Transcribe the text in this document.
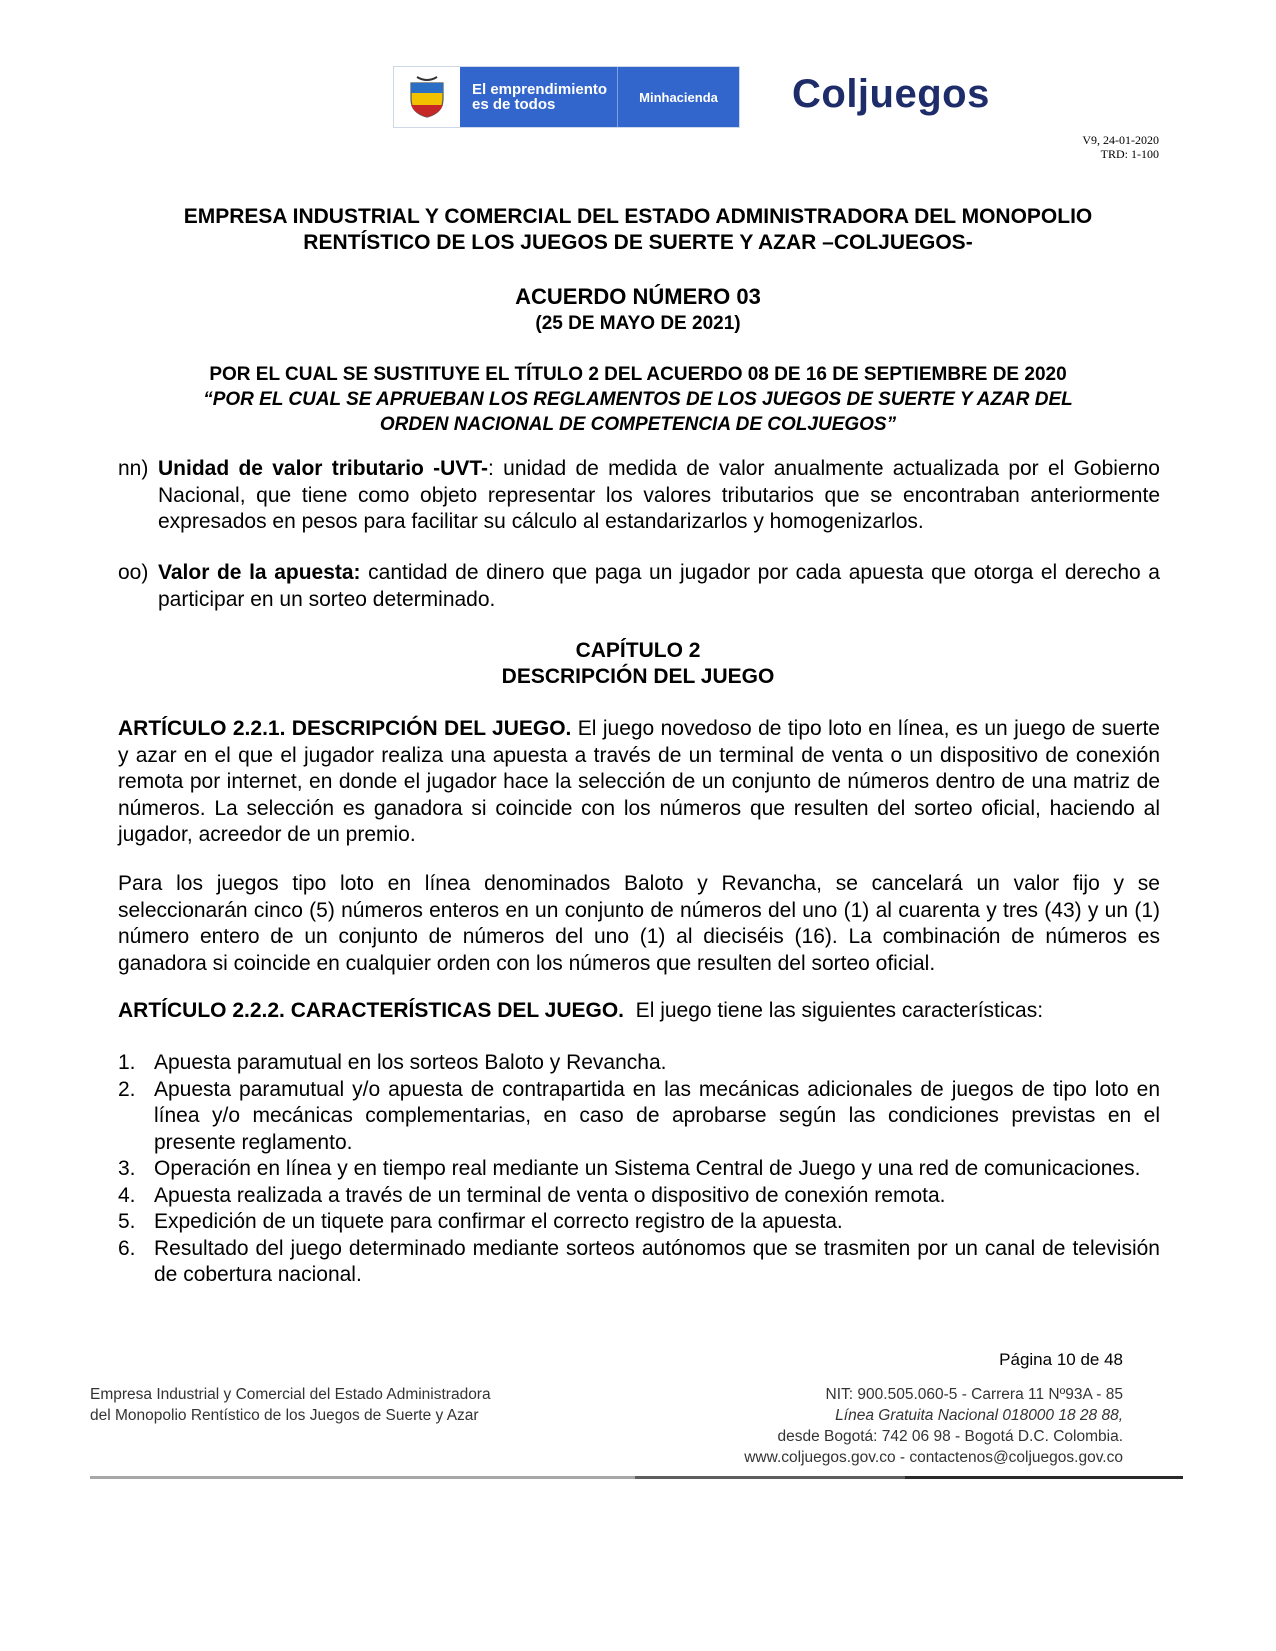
El emprendimiento
es de todos	Minhacienda Coljuegos
V9, 24-01-2020
TRD: 1-100
EMPRESA INDUSTRIAL Y COMERCIAL DEL ESTADO ADMINISTRADORA DEL MONOPOLIO
RENTÍSTICO DE LOS JUEGOS DE SUERTE Y AZAR –COLJUEGOS-
ACUERDO NÚMERO 03
(25 DE MAYO DE 2021)
POR EL CUAL SE SUSTITUYE EL TÍTULO 2 DEL ACUERDO 08 DE 16 DE SEPTIEMBRE DE 2020
“POR EL CUAL SE APRUEBAN LOS REGLAMENTOS DE LOS JUEGOS DE SUERTE Y AZAR DEL
ORDEN NACIONAL DE COMPETENCIA DE COLJUEGOS”
nn) Unidad de valor tributario -UVT-: unidad de medida de valor anualmente actualizada por el Gobierno Nacional, que tiene como objeto representar los valores tributarios que se encontraban anteriormente expresados en pesos para facilitar su cálculo al estandarizarlos y homogenizarlos.
oo) Valor de la apuesta: cantidad de dinero que paga un jugador por cada apuesta que otorga el derecho a participar en un sorteo determinado.
CAPÍTULO 2
DESCRIPCIÓN DEL JUEGO
ARTÍCULO 2.2.1. DESCRIPCIÓN DEL JUEGO. El juego novedoso de tipo loto en línea, es un juego de suerte y azar en el que el jugador realiza una apuesta a través de un terminal de venta o un dispositivo de conexión remota por internet, en donde el jugador hace la selección de un conjunto de números dentro de una matriz de números. La selección es ganadora si coincide con los números que resulten del sorteo oficial, haciendo al jugador, acreedor de un premio.
Para los juegos tipo loto en línea denominados Baloto y Revancha, se cancelará un valor fijo y se seleccionarán cinco (5) números enteros en un conjunto de números del uno (1) al cuarenta y tres (43) y un (1) número entero de un conjunto de números del uno (1) al dieciséis (16). La combinación de números es ganadora si coincide en cualquier orden con los números que resulten del sorteo oficial.
ARTÍCULO 2.2.2. CARACTERÍSTICAS DEL JUEGO.  El juego tiene las siguientes características:
1. Apuesta paramutual en los sorteos Baloto y Revancha.
2. Apuesta paramutual y/o apuesta de contrapartida en las mecánicas adicionales de juegos de tipo loto en línea y/o mecánicas complementarias, en caso de aprobarse según las condiciones previstas en el presente reglamento.
3. Operación en línea y en tiempo real mediante un Sistema Central de Juego y una red de comunicaciones.
4. Apuesta realizada a través de un terminal de venta o dispositivo de conexión remota.
5. Expedición de un tiquete para confirmar el correcto registro de la apuesta.
6. Resultado del juego determinado mediante sorteos autónomos que se trasmiten por un canal de televisión de cobertura nacional.
Página 10 de 48
Empresa Industrial y Comercial del Estado Administradora
del Monopolio Rentístico de los Juegos de Suerte y Azar
NIT: 900.505.060-5 - Carrera 11 Nº93A - 85
Línea Gratuita Nacional 018000 18 28 88,
desde Bogotá: 742 06 98 - Bogotá D.C. Colombia.
www.coljuegos.gov.co - contactenos@coljuegos.gov.co
